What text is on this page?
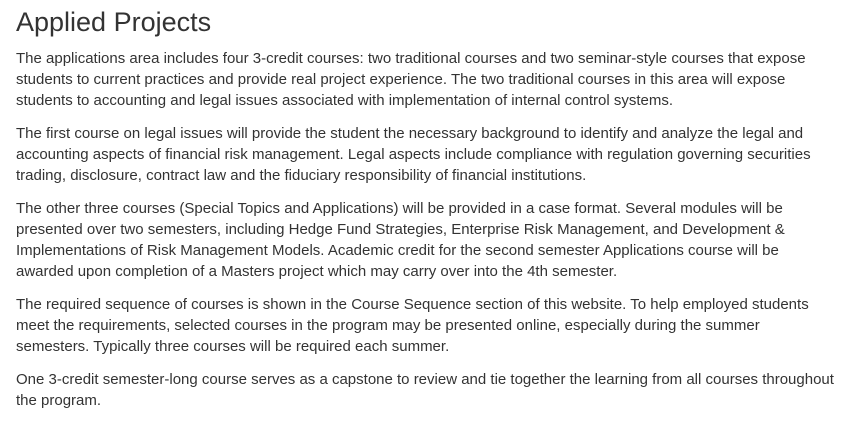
Applied Projects

The applications area includes four 3-credit courses: two traditional courses and two seminar-style courses that expose students to current practices and provide real project experience. The two traditional courses in this area will expose students to accounting and legal issues associated with implementation of internal control systems.

The first course on legal issues will provide the student the necessary background to identify and analyze the legal and accounting aspects of financial risk management. Legal aspects include compliance with regulation governing securities trading, disclosure, contract law and the fiduciary responsibility of financial institutions.

The other three courses (Special Topics and Applications) will be provided in a case format. Several modules will be presented over two semesters, including Hedge Fund Strategies, Enterprise Risk Management, and Development & Implementations of Risk Management Models. Academic credit for the second semester Applications course will be awarded upon completion of a Masters project which may carry over into the 4th semester.

The required sequence of courses is shown in the Course Sequence section of this website. To help employed students meet the requirements, selected courses in the program may be presented online, especially during the summer semesters. Typically three courses will be required each summer.

One 3-credit semester-long course serves as a capstone to review and tie together the learning from all courses throughout the program.
